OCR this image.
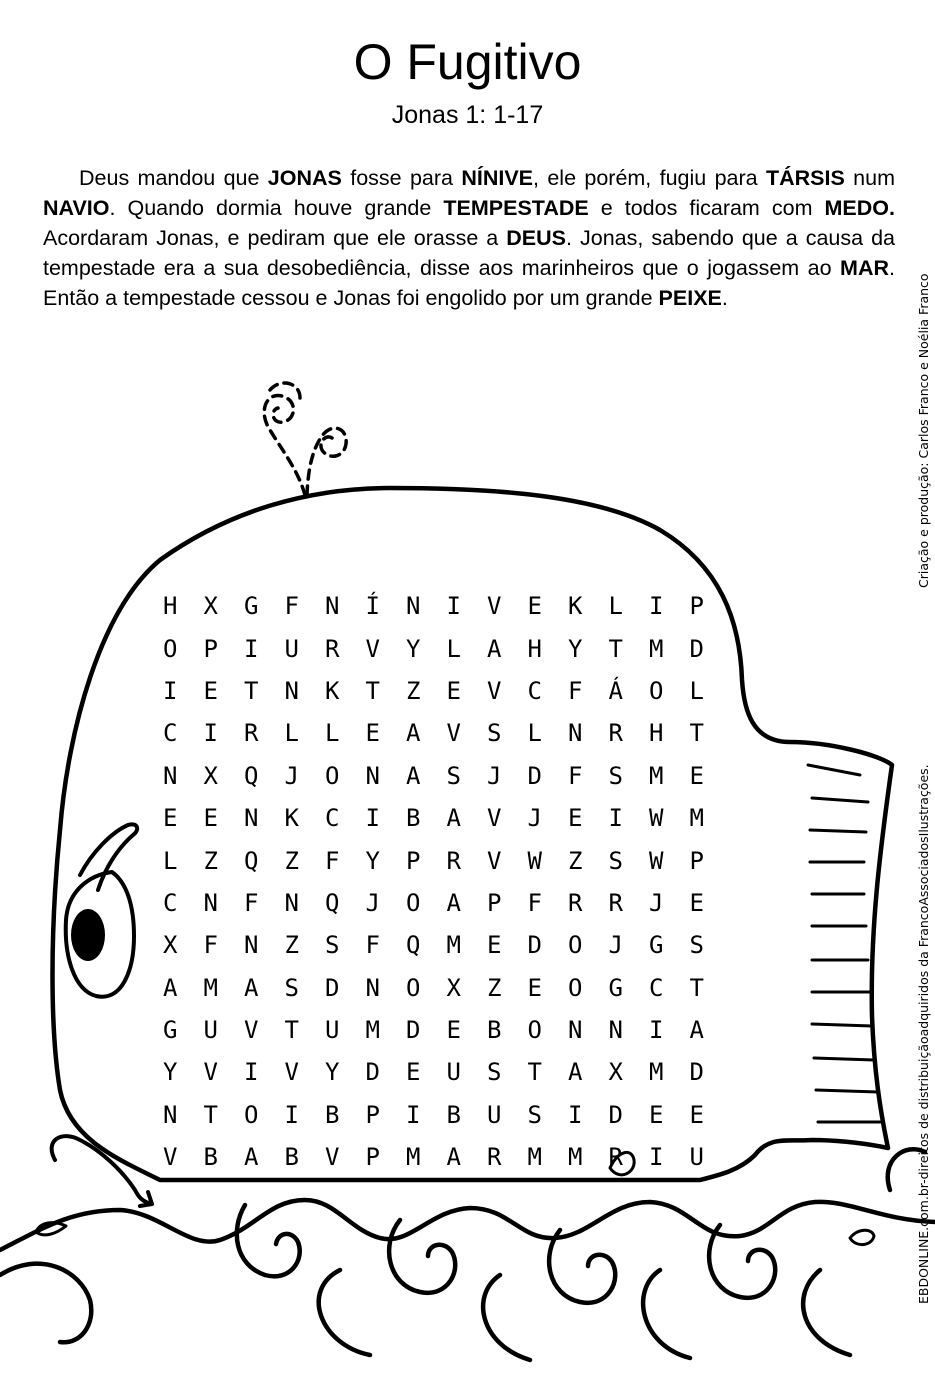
O Fugitivo
Jonas 1: 1-17

Deus mandou que JONAS fosse para NÍNIVE, ele porém, fugiu para TÁRSIS num NAVIO. Quando dormia houve grande TEMPESTADE e todos ficaram com MEDO. Acordaram Jonas, e pediram que ele orasse a DEUS. Jonas, sabendo que a causa da tempestade era a sua desobediência, disse aos marinheiros que o jogassem ao MAR. Então a tempestade cessou e Jonas foi engolido por um grande PEIXE.	Criação e produção: Carlos Franco e Noélia Franco
EBDONLINE.com.br-direitos de distribuiçãoadquiridos da FrancoAssociadosIlustrações.
H	X	G	F	N	Í	N	I	V	E	K	L	I	P
O	P	I	U	R	V	Y	L	A	H	Y	T	M	D
I	E	T	N	K	T	Z	E	V	C	F	Á	O	L
C	I	R	L	L	E	A	V	S	L	N	R	H	T
N	X	Q	J	O	N	A	S	J	D	F	S	M	E
E	E	N	K	C	I	B	A	V	J	E	I	W	M
L	Z	Q	Z	F	Y	P	R	V	W	Z	S	W	P
C	N	F	N	Q	J	O	A	P	F	R	R	J	E
X	F	N	Z	S	F	Q	M	E	D	O	J	G	S
A	M	A	S	D	N	O	X	Z	E	O	G	C	T
G	U	V	T	U	M	D	E	B	O	N	N	I	A
Y	V	I	V	Y	D	E	U	S	T	A	X	M	D
N	T	O	I	B	P	I	B	U	S	I	D	E	E
V	B	A	B	V	P	M	A	R	M	M	R	I	U
